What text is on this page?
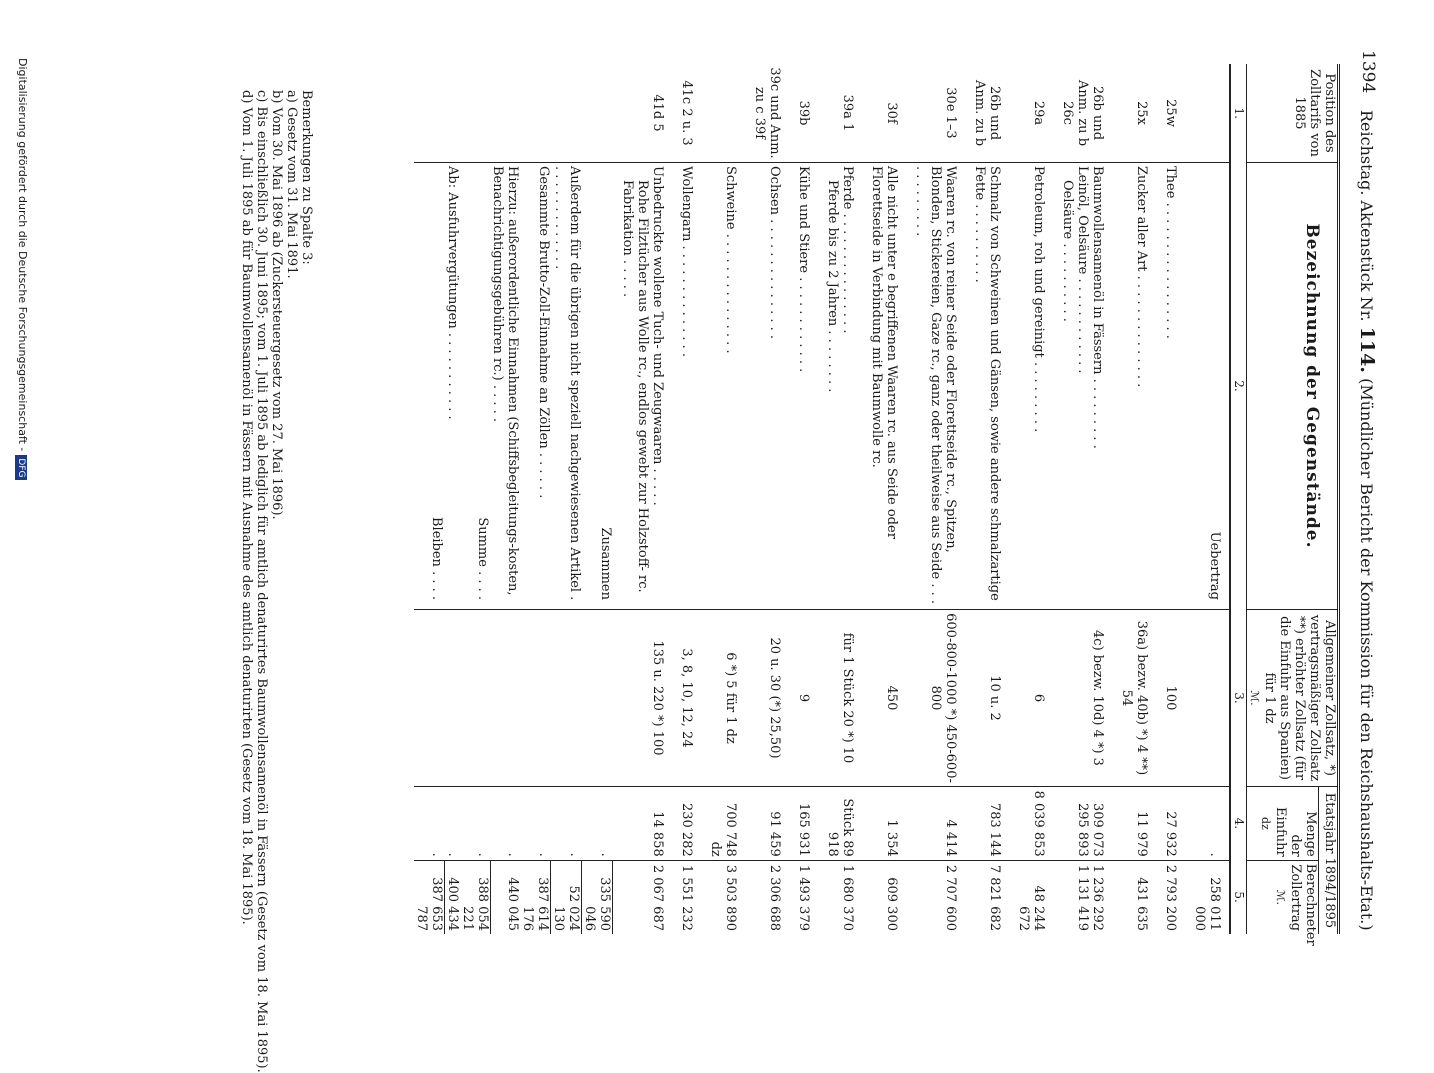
1394
Reichstag. Aktenstück Nr. 114. (Mündlicher Bericht der Kommission für den Reichshaushalts-Etat.)
Position des Zolltarifs von 1885	Bezeichnung der Gegenstände.	Allgemeiner Zollsatz, *) vertragsmäßiger Zollsatz **) erhöhter Zollsatz (für die Einfuhr aus Spanien) für 1 dz
ℳ.	Etatsjahr 1894/1895	
			Menge der Einfuhr
dz	Berechneter Zollertrag
ℳ.

1.	2.	3.	4.	5.

	Uebertrag		.	258 011 000
25w	Thee . . . . . . . . . . . . . . . . .	100	27 932	2 793 200
25x	Zucker aller Art . . . . . . . . . . . . . .	36a) bezw. 40b) *) 4 **) 54	11 979	431 635
26b und Anm. zu b 26c	Baumwollensamenöl in Fässern . . . . . . . . .
Leinöl, Oelsäure . . . . . . . . . . . .
Oelsäure . . . . . . . . . .	4c) bezw. 10d) 4 *) 3	309 073 295 893	1 236 292 1 131 419
29a	Petroleum, roh und gereinigt . . . . . . . . .	6	8 039 853	48 244 672
26b und Anm. zu b	Schmalz von Schweinen und Gänsen, sowie andere schmalzartige Fette . . . . . . . . . .	10 u. 2	783 144	7 821 682
30e 1–3	Waaren rc. von reiner Seide oder Florettseide rc., Spitzen, Blonden, Stickereien, Gaze rc., ganz oder theilweise aus Seide . . . . . . . . . . . .	600-800-1000 *) 450-600-800	4 414	2 707 600
30f	Alle nicht unter e begriffenen Waaren rc. aus Seide oder Florettseide in Verbindung mit Baumwolle rc.	450	1 354	609 300
39a 1	Pferde . . . . . . . . . . . . . . .
Pferde bis zu 2 Jahren . . . . . . . .	für 1 Stück 20 *) 10	Stück 89 918	1 680 370
39b	Kühe und Stiere . . . . . . . . . . . .	9	165 931	1 493 379
39c und Anm. zu c 39f	Ochsen . . . . . . . . . . . . . . .	20 u. 30 (*) 25,50)	91 459	2 306 688
	Schweine . . . . . . . . . . . . . . .	6 *) 5 für 1 dz	700 748 dz	3 503 890
41c 2 u. 3	Wollengarn . . . . . . . . . . . . . .	3, 8, 10, 12, 24	230 282	1 551 232
41d 5	Unbedruckte wollene Tuch- und Zeugwaaren . . . . .
Rohe Filztücher aus Wolle rc., endlos gewebt zur Holzstoff- rc. Fabrikation . . . . .	135 u. 220 *) 100	14 858	2 067 687

	Zusammen		.	335 590 046
	Außerdem für die übrigen nicht speziell nachgewiesenen Artikel . . . . . . . . . . . . . .		.	52 024 130
	Gesammte Brutto-Zoll-Einnahme an Zöllen . . . . . .		.	387 614 176
	Hierzu: außerordentliche Einnahmen (Schiffsbegleitungs-kosten, Benachrichtigungsgebühren rc.) . . . . .		.	440 045

	Summe . . . .		.	388 054 221
	Ab: Ausfuhrvergütungen . . . . . . . . . . .		.	400 434

	Bleiben . . . .		.	387 653 787
Bemerkungen zu Spalte 3:
a) Gesetz vom 31. Mai 1891.
b) Vom 30. Mai 1896 ab (Zuckersteuergesetz vom 27. Mai 1896).
c) Bis einschließlich 30. Juni 1895; vom 1. Juli 1895 ab lediglich für amtlich denaturirtes Baumwollensamenöl in Fässern (Gesetz vom 18. Mai 1895).
d) Vom 1. Juli 1895 ab für Baumwollensamenöl in Fässern mit Ausnahme des amtlich denaturirten (Gesetz vom 18. Mai 1895).
Digitalisierung gefördert durch die Deutsche Forschungsgemeinschaft -DFG
